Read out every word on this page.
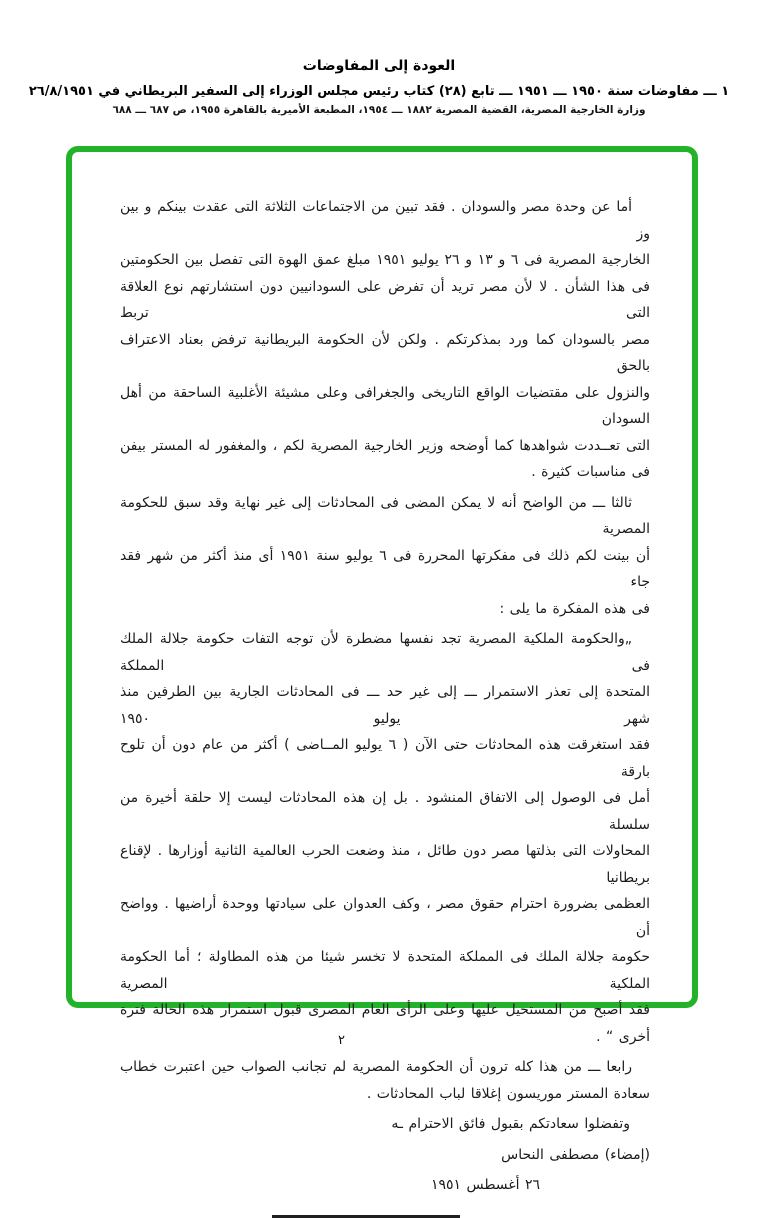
العودة إلى المفاوضات
١ ـــ مفاوضات سنة ١٩٥٠ ـــ ١٩٥١ ـــ تابع (٢٨) كتاب رئيس مجلس الوزراء إلى السفير البريطاني في ٢٦/٨/١٩٥١
وزارة الخارجية المصرية، القضية المصرية ١٨٨٢ ـــ ١٩٥٤، المطبعة الأميرية بالقاهرة ١٩٥٥، ص ٦٨٧ ـــ ٦٨٨
أما عن وحدة مصر والسودان . فقد تبين من الاجتماعات الثلاثة التى عقدت بينكم و بين وز
الخارجية المصرية فى ٦ و ١٣ و ٢٦ يوليو ١٩٥١ مبلغ عمق الهوة التى تفصل بين الحكومتين
فى هذا الشأن . لا لأن مصر تريد أن تفرض على السودانيين دون استشارتهم نوع العلاقة التى تربط
مصر بالسودان كما ورد بمذكرتكم . ولكن لأن الحكومة البريطانية ترفض بعناد الاعتراف بالحق
والنزول على مقتضيات الواقع التاريخى والجغرافى وعلى مشيئة الأغلبية الساحقة من أهل السودان
التى تعــددت شواهدها كما أوضحه وزير الخارجية المصرية لكم ، والمغفور له المستر بيفن
فى مناسبات كثيرة .
ثالثا ـــ من الواضح أنه لا يمكن المضى فى المحادثات إلى غير نهاية وقد سبق للحكومة المصرية
أن بينت لكم ذلك فى مفكرتها المحررة فى ٦ يوليو سنة ١٩٥١ أى منذ أكثر من شهر فقد جاء
فى هذه المفكرة ما يلى :
„والحكومة الملكية المصرية تجد نفسها مضطرة لأن توجه التفات حكومة جلالة الملك فى المملكة
المتحدة إلى تعذر الاستمرار ـــ إلى غير حد ـــ فى المحادثات الجارية بين الطرفين منذ شهر يوليو ١٩٥٠
فقد استغرقت هذه المحادثات حتى الآن ( ٦ يوليو المــاضى ) أكثر من عام دون أن تلوح بارقة
أمل فى الوصول إلى الاتفاق المنشود . بل إن هذه المحادثات ليست إلا حلقة أخيرة من سلسلة
المحاولات التى بذلتها مصر دون طائل ، منذ وضعت الحرب العالمية الثانية أوزارها . لإقناع بريطانيا
العظمى بضرورة احترام حقوق مصر ، وكف العدوان على سيادتها ووحدة أراضيها . وواضح أن
حكومة جلالة الملك فى المملكة المتحدة لا تخسر شيئا من هذه المطاولة ؛ أما الحكومة الملكية المصرية
فقد أصبح من المستحيل عليها وعلى الرأى العام المصرى قبول استمرار هذه الحالة فترة أخرى “ .
رابعا ـــ من هذا كله ترون أن الحكومة المصرية لم تجانب الصواب حين اعتبرت خطاب
سعادة المستر موريسون إغلاقا لباب المحادثات .
وتفضلوا سعادتكم بقبول فائق الاحترام ـه
(إمضاء) مصطفى النحاس
٢٦ أغسطس ١٩٥١
٢
